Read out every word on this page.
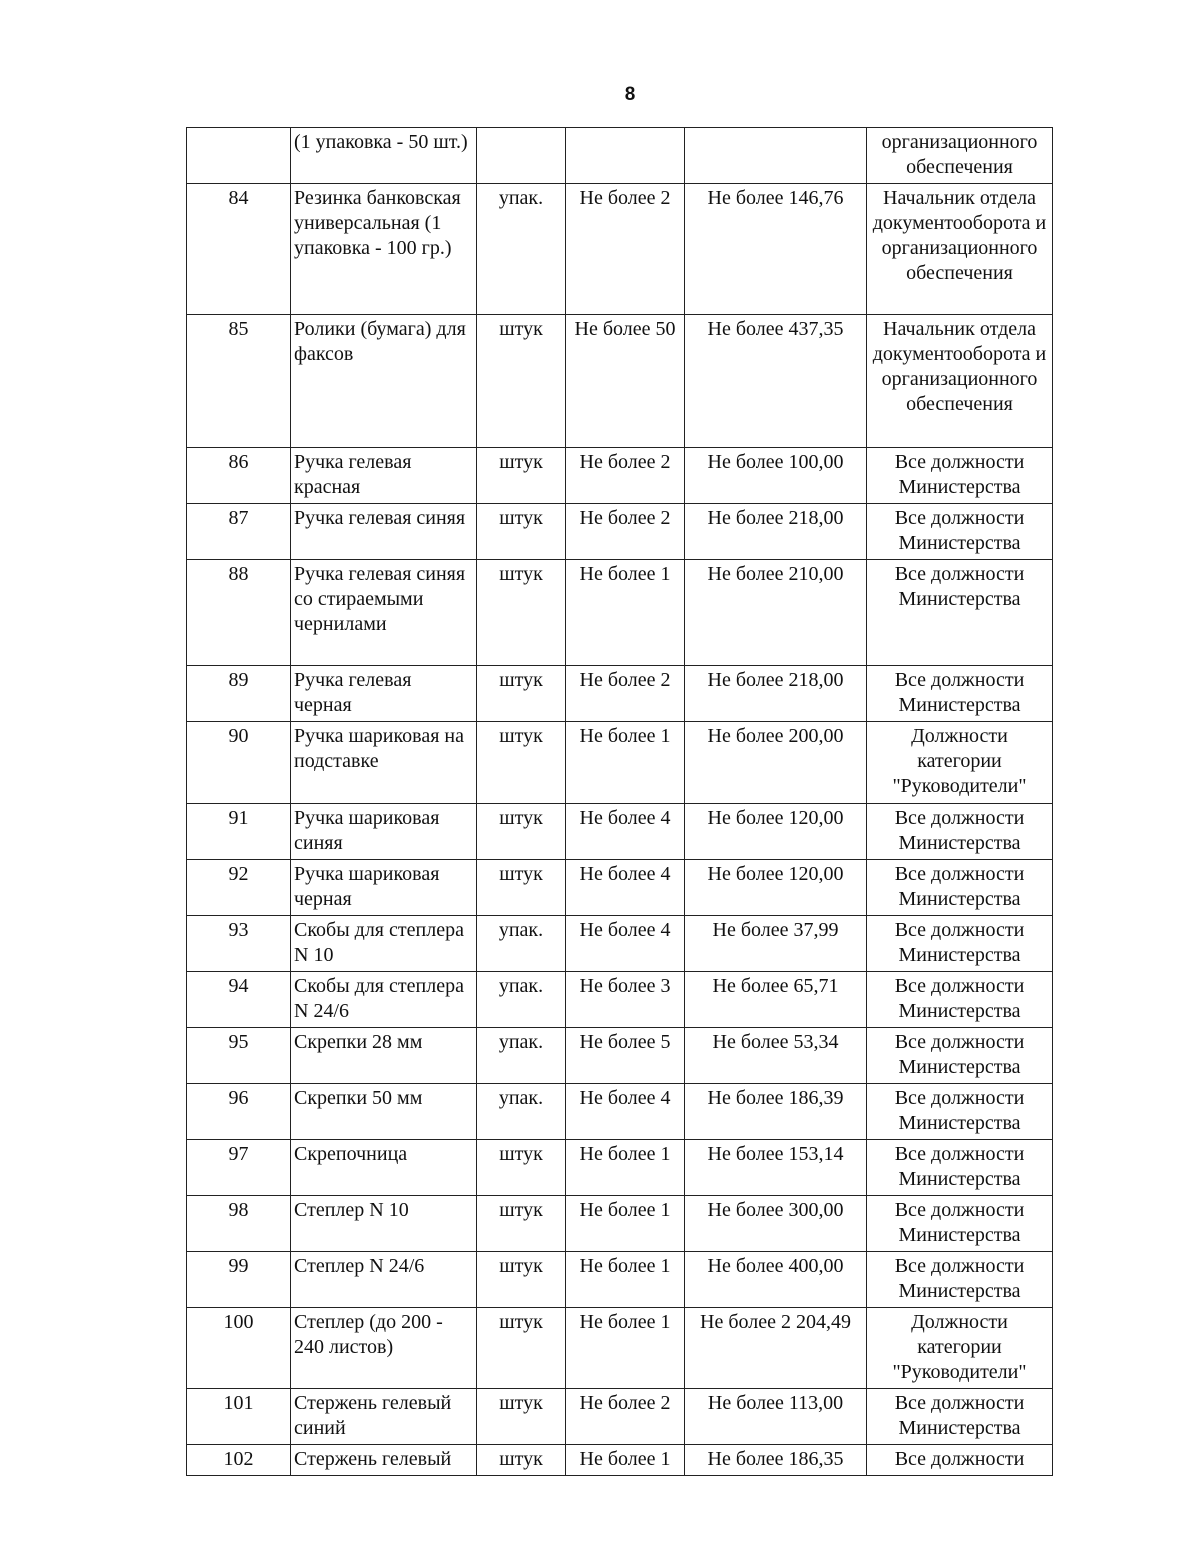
8
	(1 упаковка - 50 шт.)				организационного обеспечения
84	Резинка банковская универсальная (1 упаковка - 100 гр.)	упак.	Не более 2	Не более 146,76	Начальник отдела документооборота и организационного обеспечения
85	Ролики (бумага) для факсов	штук	Не более 50	Не более 437,35	Начальник отдела документооборота и организационного обеспечения
86	Ручка гелевая красная	штук	Не более 2	Не более 100,00	Все должности Министерства
87	Ручка гелевая синяя	штук	Не более 2	Не более 218,00	Все должности Министерства
88	Ручка гелевая синяя со стираемыми чернилами	штук	Не более 1	Не более 210,00	Все должности Министерства
89	Ручка гелевая черная	штук	Не более 2	Не более 218,00	Все должности Министерства
90	Ручка шариковая на подставке	штук	Не более 1	Не более 200,00	Должности категории "Руководители"
91	Ручка шариковая синяя	штук	Не более 4	Не более 120,00	Все должности Министерства
92	Ручка шариковая черная	штук	Не более 4	Не более 120,00	Все должности Министерства
93	Скобы для степлера N 10	упак.	Не более 4	Не более 37,99	Все должности Министерства
94	Скобы для степлера N 24/6	упак.	Не более 3	Не более 65,71	Все должности Министерства
95	Скрепки 28 мм	упак.	Не более 5	Не более 53,34	Все должности Министерства
96	Скрепки 50 мм	упак.	Не более 4	Не более 186,39	Все должности Министерства
97	Скрепочница	штук	Не более 1	Не более 153,14	Все должности Министерства
98	Степлер N 10	штук	Не более 1	Не более 300,00	Все должности Министерства
99	Степлер N 24/6	штук	Не более 1	Не более 400,00	Все должности Министерства
100	Степлер (до 200 - 240 листов)	штук	Не более 1	Не более 2 204,49	Должности категории "Руководители"
101	Стержень гелевый синий	штук	Не более 2	Не более 113,00	Все должности Министерства
102	Стержень гелевый	штук	Не более 1	Не более 186,35	Все должности
